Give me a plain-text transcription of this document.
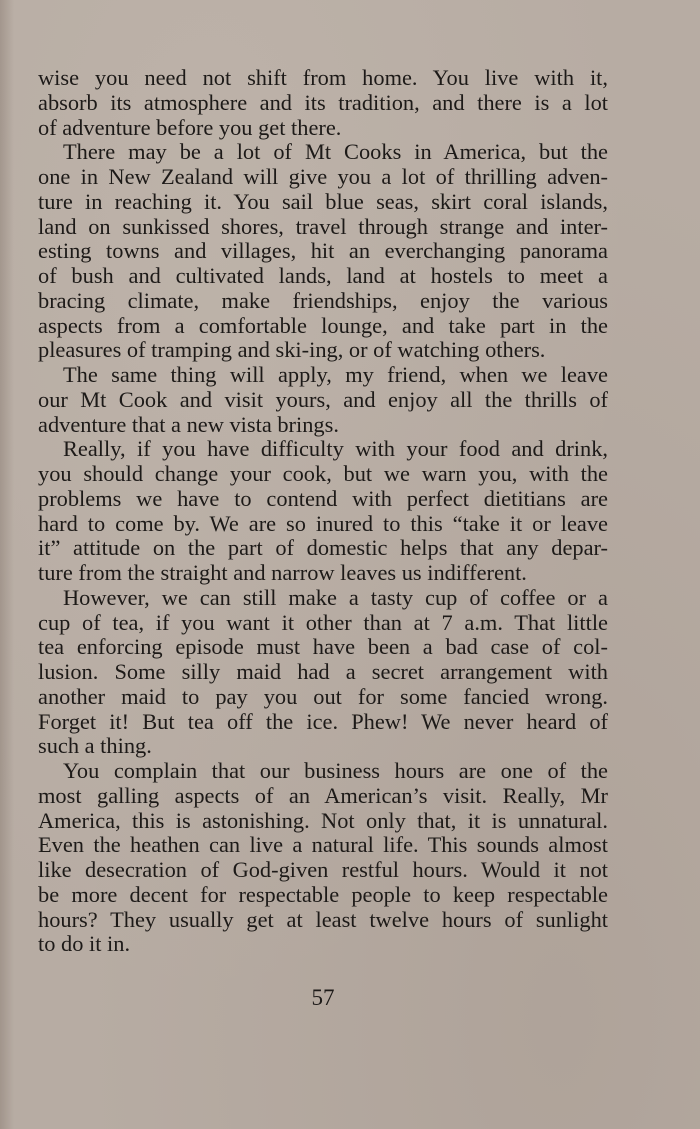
wise you need not shift from home. You live with it,
absorb its atmosphere and its tradition, and there is a lot
of adventure before you get there.
There may be a lot of Mt Cooks in America, but the
one in New Zealand will give you a lot of thrilling adven-
ture in reaching it. You sail blue seas, skirt coral islands,
land on sunkissed shores, travel through strange and inter-
esting towns and villages, hit an everchanging panorama
of bush and cultivated lands, land at hostels to meet a
bracing climate, make friendships, enjoy the various
aspects from a comfortable lounge, and take part in the
pleasures of tramping and ski-ing, or of watching others.
The same thing will apply, my friend, when we leave
our Mt Cook and visit yours, and enjoy all the thrills of
adventure that a new vista brings.
Really, if you have difficulty with your food and drink,
you should change your cook, but we warn you, with the
problems we have to contend with perfect dietitians are
hard to come by. We are so inured to this “take it or leave
it” attitude on the part of domestic helps that any depar-
ture from the straight and narrow leaves us indifferent.
However, we can still make a tasty cup of coffee or a
cup of tea, if you want it other than at 7 a.m. That little
tea enforcing episode must have been a bad case of col-
lusion. Some silly maid had a secret arrangement with
another maid to pay you out for some fancied wrong.
Forget it! But tea off the ice. Phew! We never heard of
such a thing.
You complain that our business hours are one of the
most galling aspects of an American’s visit. Really, Mr
America, this is astonishing. Not only that, it is unnatural.
Even the heathen can live a natural life. This sounds almost
like desecration of God-given restful hours. Would it not
be more decent for respectable people to keep respectable
hours? They usually get at least twelve hours of sunlight
to do it in.
57
